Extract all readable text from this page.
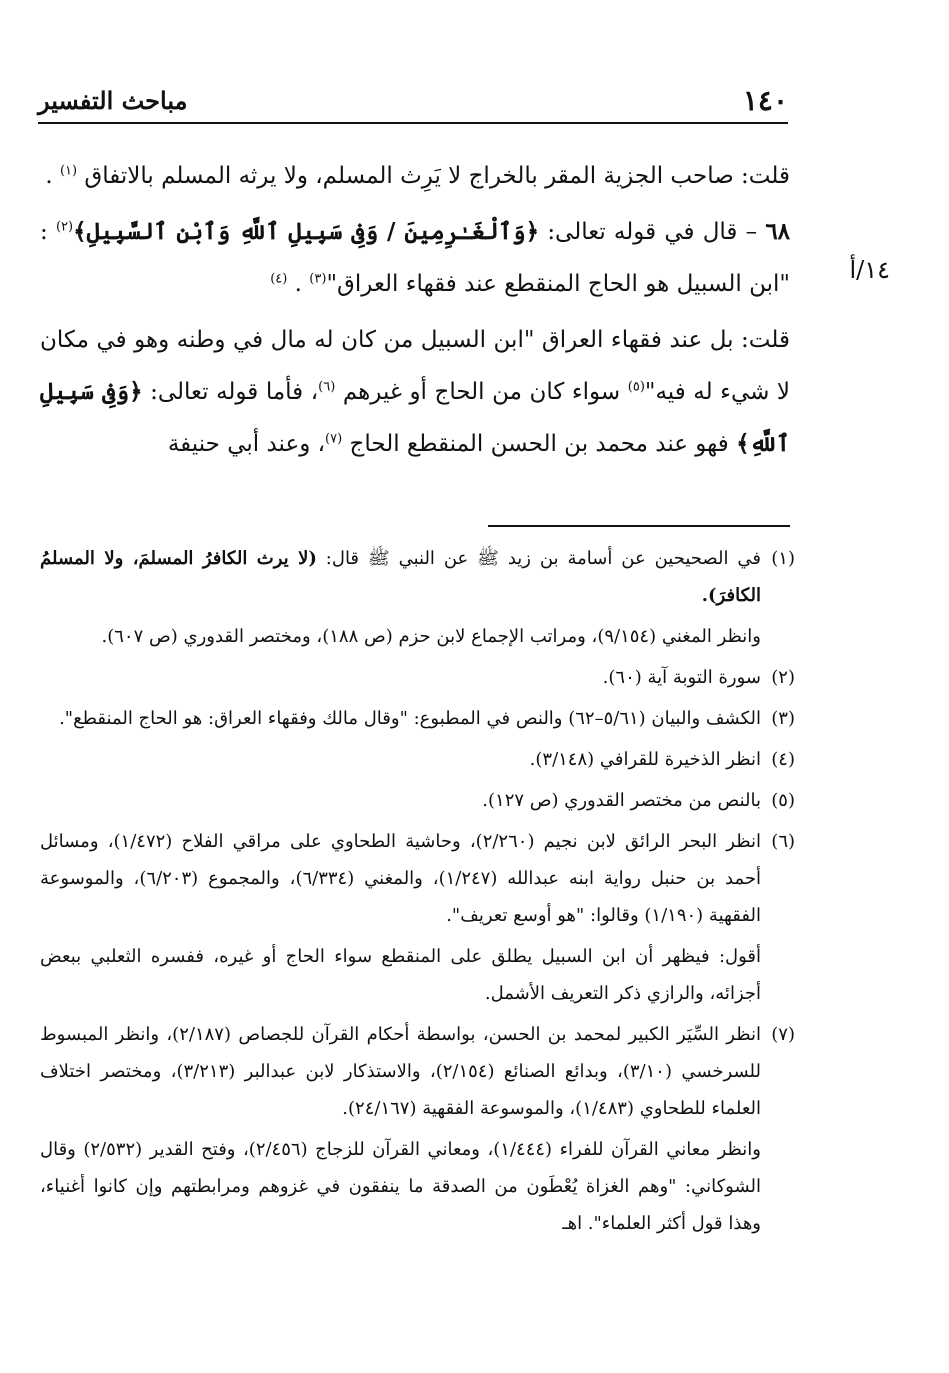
١٤٠
مباحث التفسير
١٤/أ

قلت: صاحب الجزية المقر بالخراج لا يَرِث المسلم، ولا يرثه المسلم بالاتفاق $^{(١)}$ .

٦٨ – قال في قوله تعالى: ﴿وَٱلْغَـٰرِمِينَ / وَفِى سَبِيلِ ٱللَّهِ وَٱبْنِ ٱلسَّبِيلِ﴾$^{(٢)}$ : "ابن السبيل هو الحاج المنقطع عند فقهاء العراق"$^{(٣)}$ . $^{(٤)}$

قلت: بل عند فقهاء العراق "ابن السبيل من كان له مال في وطنه وهو في مكان لا شيء له فيه"$^{(٥)}$ سواء كان من الحاج أو غيرهم $^{(٦)}$، فأما قوله تعالى: ﴿وَفِى سَبِيلِ ٱللَّهِ﴾ فهو عند محمد بن الحسن المنقطع الحاج $^{(٧)}$، وعند أبي حنيفة

(١)في الصحيحين عن أسامة بن زيد ﷺ عن النبي ﷺ قال: (لا يرث الكافرُ المسلمَ، ولا المسلمُ الكافرَ).

وانظر المغني (٩/١٥٤)، ومراتب الإجماع لابن حزم (ص ١٨٨)، ومختصر القدوري (ص ٦٠٧).

(٢)سورة التوبة آية (٦٠).

(٣)الكشف والبيان (٥/٦١–٦٢) والنص في المطبوع: "وقال مالك وفقهاء العراق: هو الحاج المنقطع".

(٤)انظر الذخيرة للقرافي (٣/١٤٨).

(٥)بالنص من مختصر القدوري (ص ١٢٧).

(٦)انظر البحر الرائق لابن نجيم (٢/٢٦٠)، وحاشية الطحاوي على مراقي الفلاح (١/٤٧٢)، ومسائل أحمد بن حنبل رواية ابنه عبدالله (١/٢٤٧)، والمغني (٦/٣٣٤)، والمجموع (٦/٢٠٣)، والموسوعة الفقهية (١/١٩٠) وقالوا: "هو أوسع تعريف".

أقول: فيظهر أن ابن السبيل يطلق على المنقطع سواء الحاج أو غيره، ففسره الثعلبي ببعض أجزائه، والرازي ذكر التعريف الأشمل.

(٧)انظر السِّيَر الكبير لمحمد بن الحسن، بواسطة أحكام القرآن للجصاص (٢/١٨٧)، وانظر المبسوط للسرخسي (٣/١٠)، وبدائع الصنائع (٢/١٥٤)، والاستذكار لابن عبدالبر (٣/٢١٣)، ومختصر اختلاف العلماء للطحاوي (١/٤٨٣)، والموسوعة الفقهية (٢٤/١٦٧).

وانظر معاني القرآن للفراء (١/٤٤٤)، ومعاني القرآن للزجاج (٢/٤٥٦)، وفتح القدير (٢/٥٣٢) وقال الشوكاني: "وهم الغزاة يُعْطَون من الصدقة ما ينفقون في غزوهم ومرابطتهم وإن كانوا أغنياء، وهذا قول أكثر العلماء". اهـ
